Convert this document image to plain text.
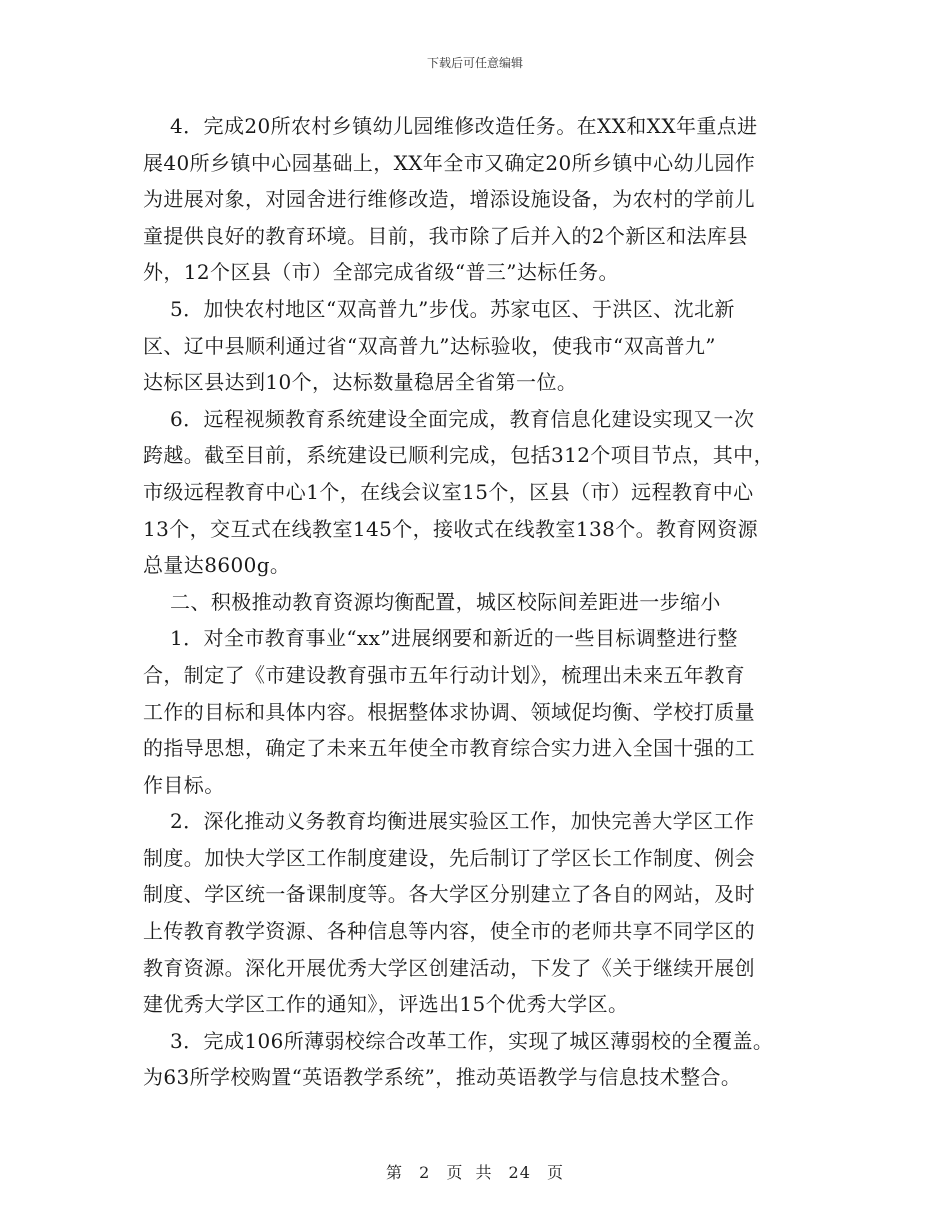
下载后可任意编辑
4．完成20所农村乡镇幼儿园维修改造任务。在XX和XX年重点进
展40所乡镇中心园基础上，XX年全市又确定20所乡镇中心幼儿园作
为进展对象，对园舍进行维修改造，增添设施设备，为农村的学前儿
童提供良好的教育环境。目前，我市除了后并入的2个新区和法库县
外，12个区县（市）全部完成省级“普三”达标任务。
5．加快农村地区“双高普九”步伐。苏家屯区、于洪区、沈北新
区、辽中县顺利通过省“双高普九”达标验收，使我市“双高普九”
达标区县达到10个，达标数量稳居全省第一位。
6．远程视频教育系统建设全面完成，教育信息化建设实现又一次
跨越。截至目前，系统建设已顺利完成，包括312个项目节点，其中，
市级远程教育中心1个，在线会议室15个，区县（市）远程教育中心
13个，交互式在线教室145个，接收式在线教室138个。教育网资源
总量达8600g。
二、积极推动教育资源均衡配置，城区校际间差距进一步缩小
1．对全市教育事业“xx”进展纲要和新近的一些目标调整进行整
合，制定了《市建设教育强市五年行动计划》，梳理出未来五年教育
工作的目标和具体内容。根据整体求协调、领域促均衡、学校打质量
的指导思想，确定了未来五年使全市教育综合实力进入全国十强的工
作目标。
2．深化推动义务教育均衡进展实验区工作，加快完善大学区工作
制度。加快大学区工作制度建设，先后制订了学区长工作制度、例会
制度、学区统一备课制度等。各大学区分别建立了各自的网站，及时
上传教育教学资源、各种信息等内容，使全市的老师共享不同学区的
教育资源。深化开展优秀大学区创建活动，下发了《关于继续开展创
建优秀大学区工作的通知》，评选出15个优秀大学区。
3．完成106所薄弱校综合改革工作，实现了城区薄弱校的全覆盖。
为63所学校购置“英语教学系统”，推动英语教学与信息技术整合。
第 2 页 共 24 页
